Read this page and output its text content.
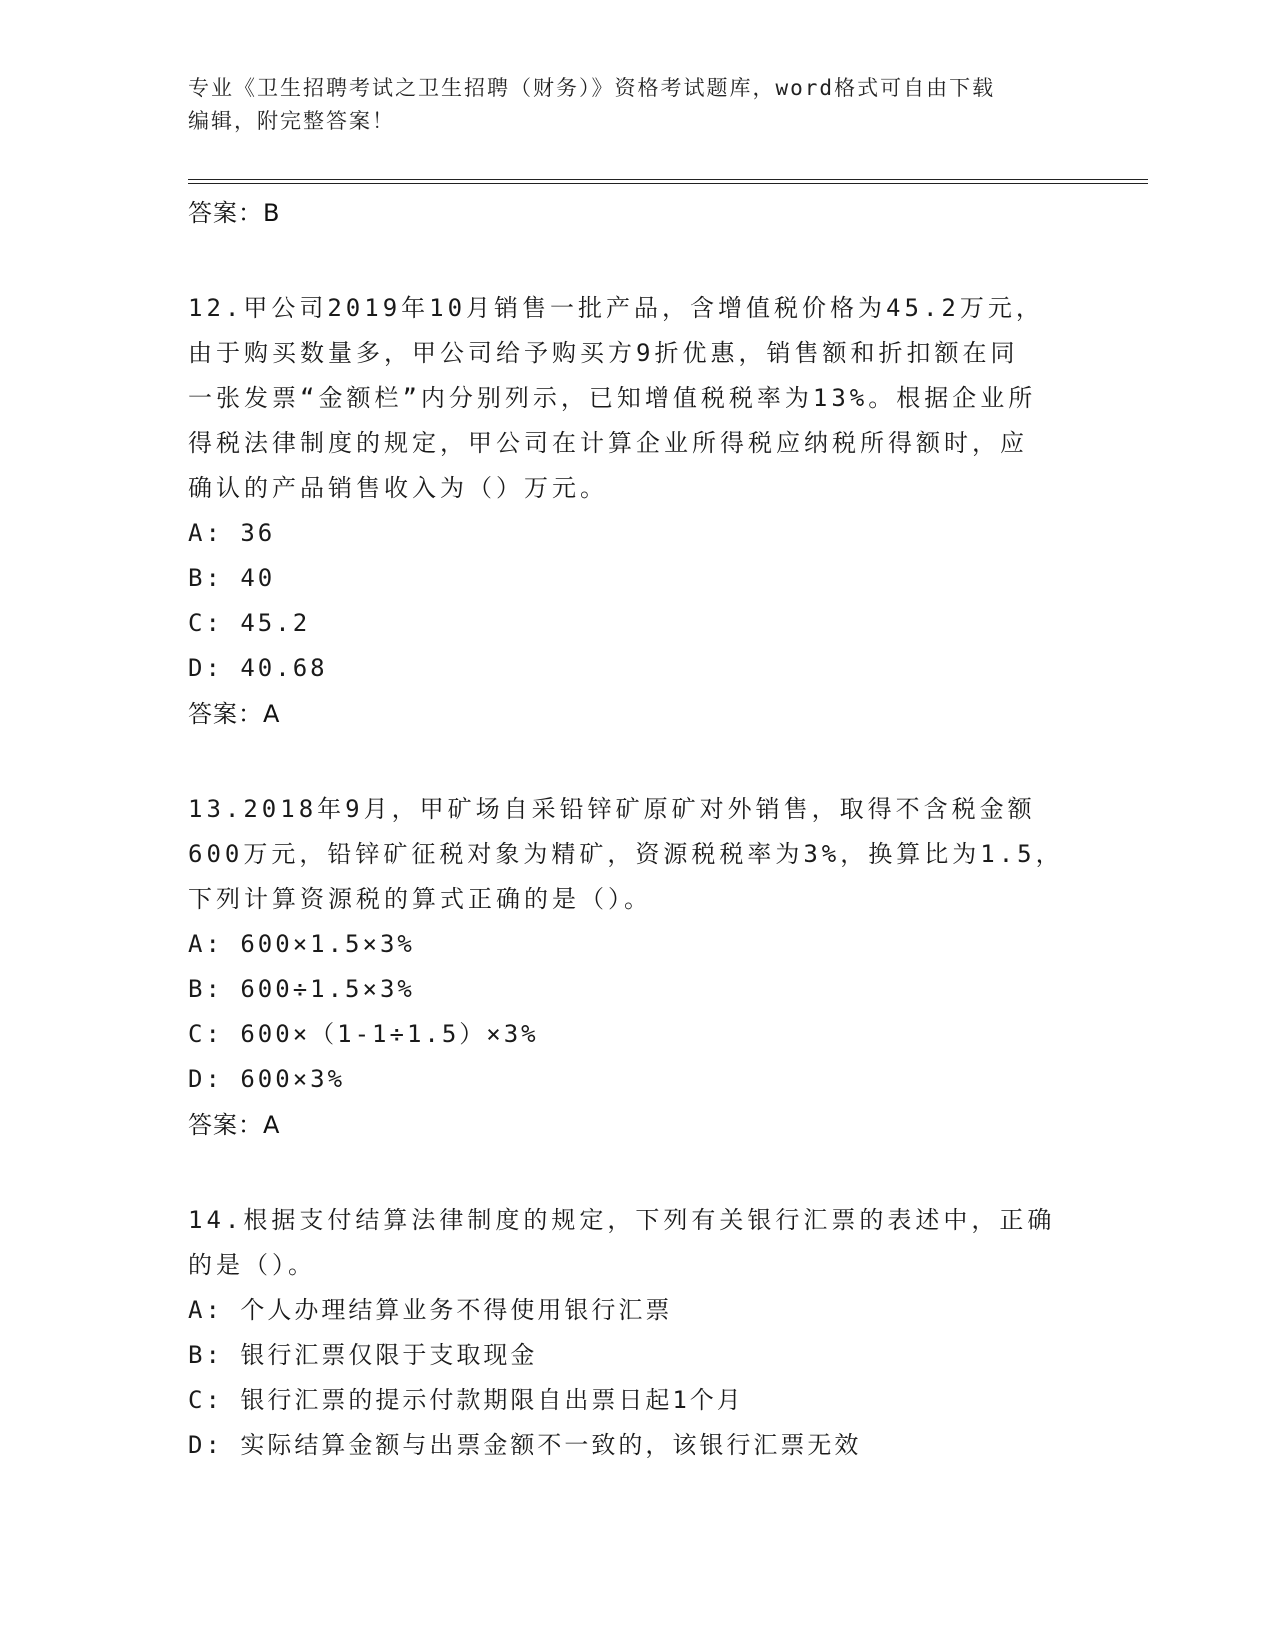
专业《卫生招聘考试之卫生招聘（财务）》资格考试题库，word格式可自由下载
编辑，附完整答案！
答案：B
12.甲公司2019年10月销售一批产品，含增值税价格为45.2万元，
由于购买数量多，甲公司给予购买方9折优惠，销售额和折扣额在同
一张发票“金额栏”内分别列示，已知增值税税率为13%。根据企业所
得税法律制度的规定，甲公司在计算企业所得税应纳税所得额时，应
确认的产品销售收入为（）万元。
A: 36
B: 40
C: 45.2
D: 40.68
答案：A
13.2018年9月，甲矿场自采铅锌矿原矿对外销售，取得不含税金额
600万元，铅锌矿征税对象为精矿，资源税税率为3%，换算比为1.5，
下列计算资源税的算式正确的是（）。
A: 600×1.5×3%
B: 600÷1.5×3%
C: 600×（1-1÷1.5）×3%
D: 600×3%
答案：A
14.根据支付结算法律制度的规定，下列有关银行汇票的表述中，正确
的是（）。
A: 个人办理结算业务不得使用银行汇票
B: 银行汇票仅限于支取现金
C: 银行汇票的提示付款期限自出票日起1个月
D: 实际结算金额与出票金额不一致的，该银行汇票无效
